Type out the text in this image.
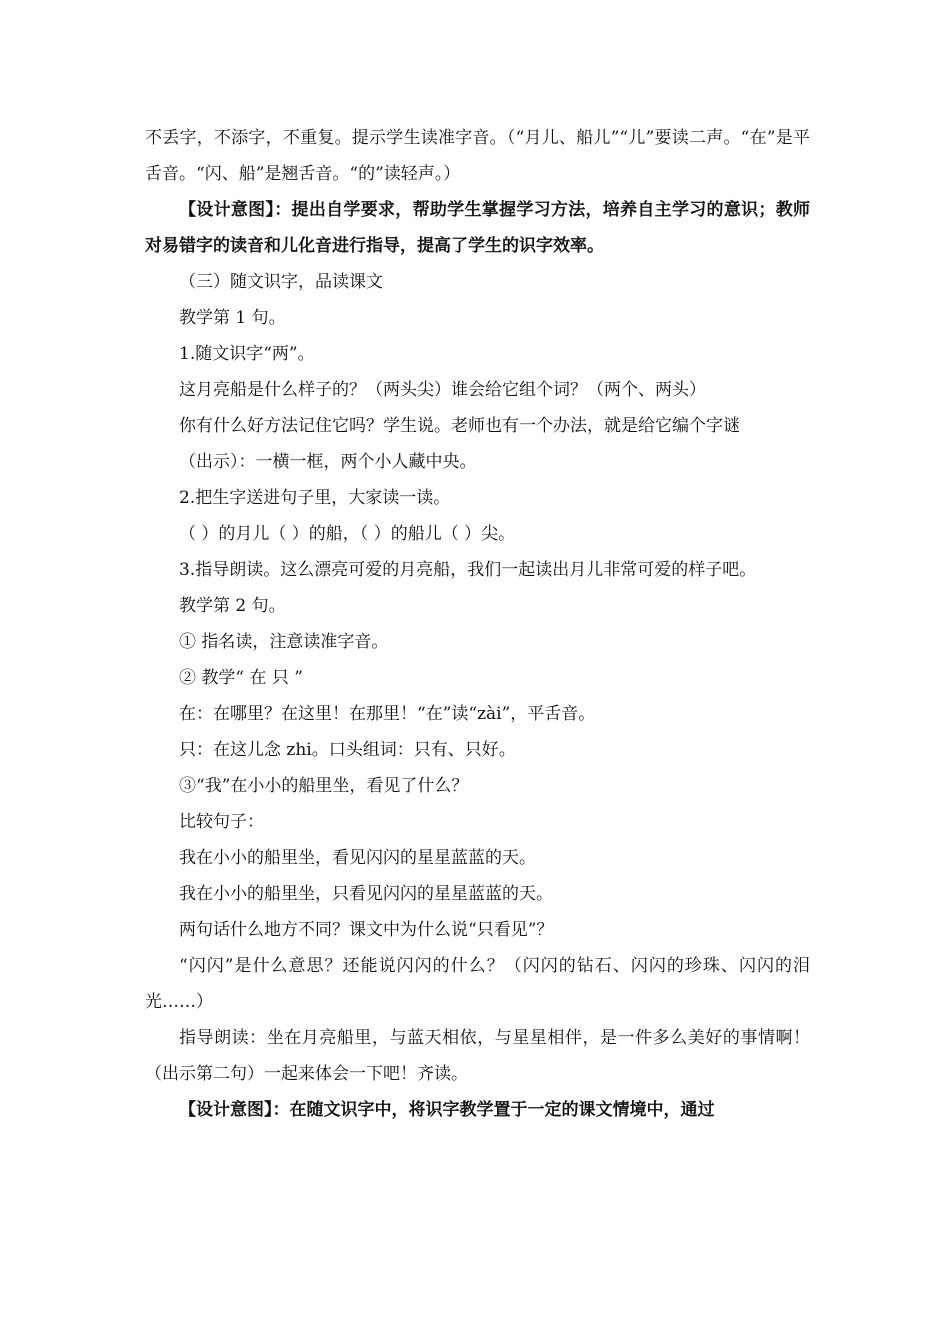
不丢字，不添字，不重复。提示学生读准字音。（“月儿、船儿”“儿”要读二声。“在”是平舌音。“闪、船”是翘舌音。“的”读轻声。）

【设计意图】：提出自学要求，帮助学生掌握学习方法，培养自主学习的意识；教师对易错字的读音和儿化音进行指导，提高了学生的识字效率。

（三）随文识字，品读课文

教学第 1 句。

1.随文识字“两”。

这月亮船是什么样子的？（两头尖）谁会给它组个词？（两个、两头）

你有什么好方法记住它吗？学生说。老师也有一个办法，就是给它编个字谜

（出示）：一横一框，两个小人藏中央。

2.把生字送进句子里，大家读一读。

（ ）的月儿（ ）的船，（ ）的船儿（ ）尖。

3.指导朗读。这么漂亮可爱的月亮船，我们一起读出月儿非常可爱的样子吧。

教学第 2 句。

① 指名读，注意读准字音。

② 教学“ 在 只 ”

在：在哪里？在这里！在那里！“在”读“zài”，平舌音。

只：在这儿念 zhi。口头组词：只有、只好。

③“我”在小小的船里坐，看见了什么？

比较句子：

我在小小的船里坐，看见闪闪的星星蓝蓝的天。

我在小小的船里坐，只看见闪闪的星星蓝蓝的天。

两句话什么地方不同？课文中为什么说“只看见”？

“闪闪”是什么意思？还能说闪闪的什么？（闪闪的钻石、闪闪的珍珠、闪闪的泪光……）

指导朗读：坐在月亮船里，与蓝天相依，与星星相伴，是一件多么美好的事情啊！（出示第二句）一起来体会一下吧！齐读。

【设计意图】：在随文识字中，将识字教学置于一定的课文情境中，通过
